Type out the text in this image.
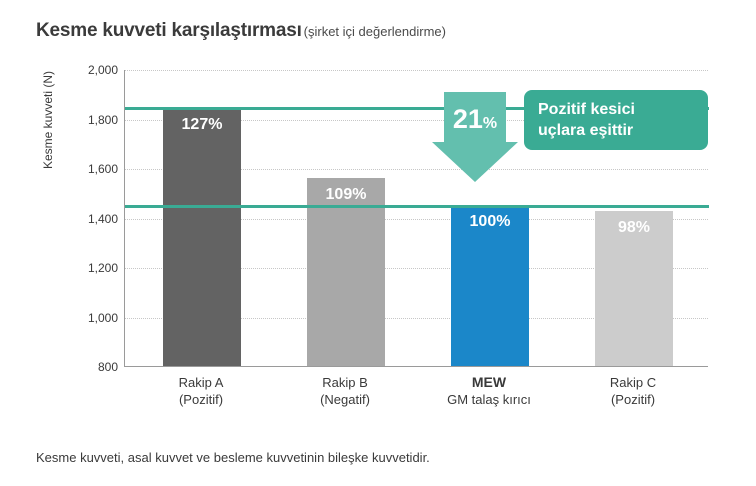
Kesme kuvveti karşılaştırması (şirket içi değerlendirme)
Kesme kuvveti (N)
800
1,000
1,200
1,400
1,600
1,800
2,000
127%
109%
100%	98%
21%
Pozitif kesici
uçlara eşittir
Rakip A
(Pozitif)
Rakip B
(Negatif)
MEW
GM talaş kırıcı
Rakip C
(Pozitif)
Kesme kuvveti, asal kuvvet ve besleme kuvvetinin bileşke kuvvetidir.
